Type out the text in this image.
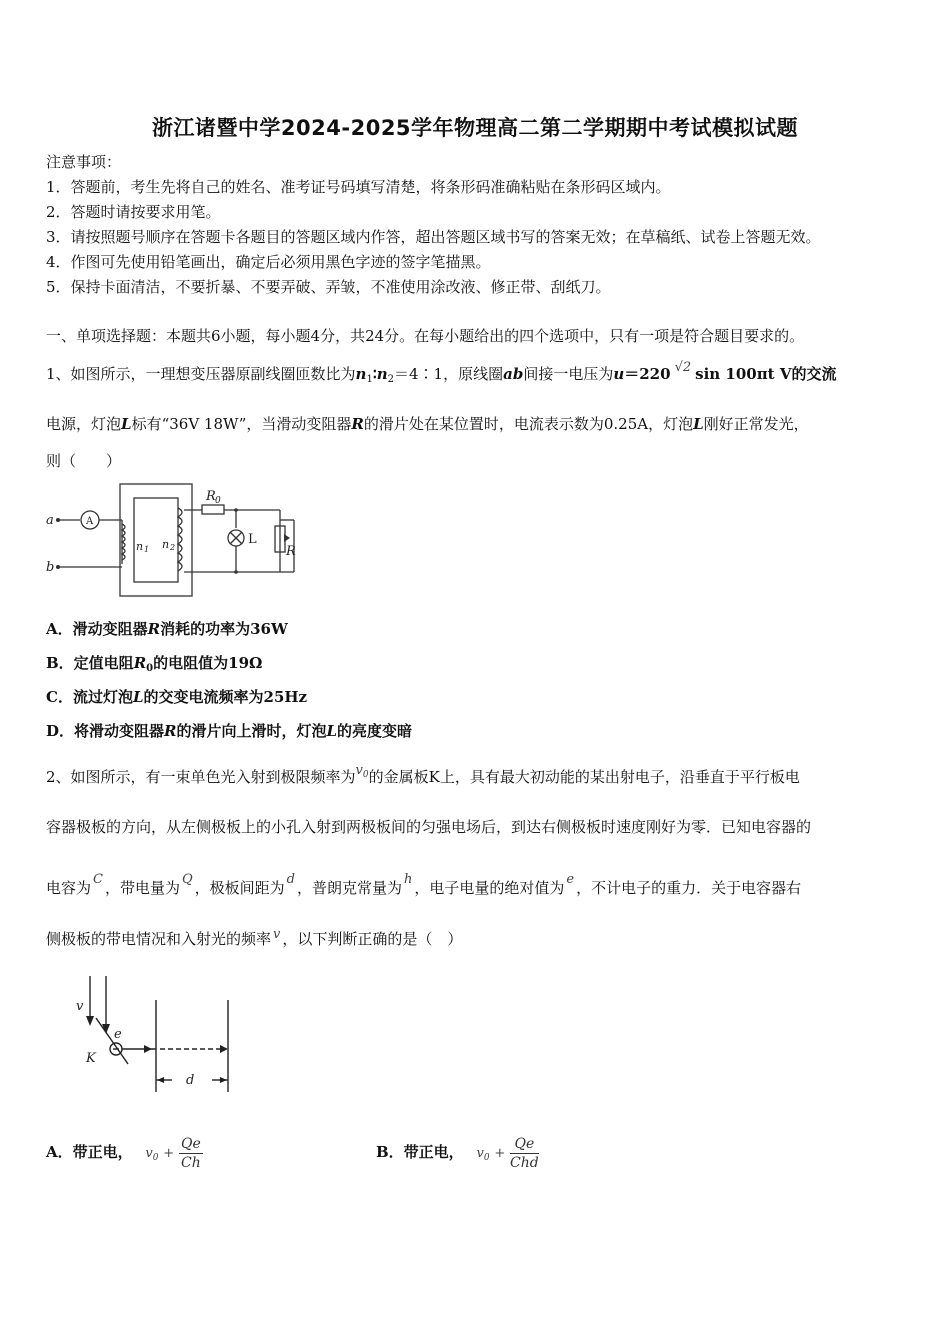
浙江诸暨中学2024-2025学年物理高二第二学期期中考试模拟试题
注意事项：
1．答题前，考生先将自己的姓名、准考证号码填写清楚，将条形码准确粘贴在条形码区域内。
2．答题时请按要求用笔。
3．请按照题号顺序在答题卡各题目的答题区域内作答，超出答题区域书写的答案无效；在草稿纸、试卷上答题无效。
4．作图可先使用铅笔画出，确定后必须用黑色字迹的签字笔描黑。
5．保持卡面清洁，不要折暴、不要弄破、弄皱，不准使用涂改液、修正带、刮纸刀。
一、单项选择题：本题共6小题，每小题4分，共24分。在每小题给出的四个选项中，只有一项是符合题目要求的。
1、如图所示，一理想变压器原副线圈匝数比为$n_1∶n_2=4∶1$，原线圈ab间接一电压为u＝220 √2 sin 100πt V的交流
电源，灯泡L标有“36V 18W”，当滑动变阻器R的滑片处在某位置时，电流表示数为0.25A，灯泡L刚好正常发光，
则（　　）
a
b
A
n 1 n 2
R 0
L
R
A．滑动变阻器R消耗的功率为36W
B．定值电阻$R_0$的电阻值为19Ω
C．流过灯泡L的交变电流频率为25Hz
D．将滑动变阻器R的滑片向上滑时，灯泡L的亮度变暗
2、如图所示，有一束单色光入射到极限频率为$v_0$的金属板K上，具有最大初动能的某出射电子，沿垂直于平行板电
容器极板的方向，从左侧极板上的小孔入射到两极板间的匀强电场后，到达右侧极板时速度刚好为零．已知电容器的
电容为 C ，带电量为 Q ，极板间距为 d ，普朗克常量为 h ，电子电量的绝对值为 e ，不计电子的重力．关于电容器右
侧极板的带电情况和入射光的频率 v ，以下判断正确的是（　）
v
e
K
d
A．带正电， $v_0 + \frac{Qe}{Ch}$	B．带正电， $v_0 + \frac{Qe}{\text{Chd}}$
